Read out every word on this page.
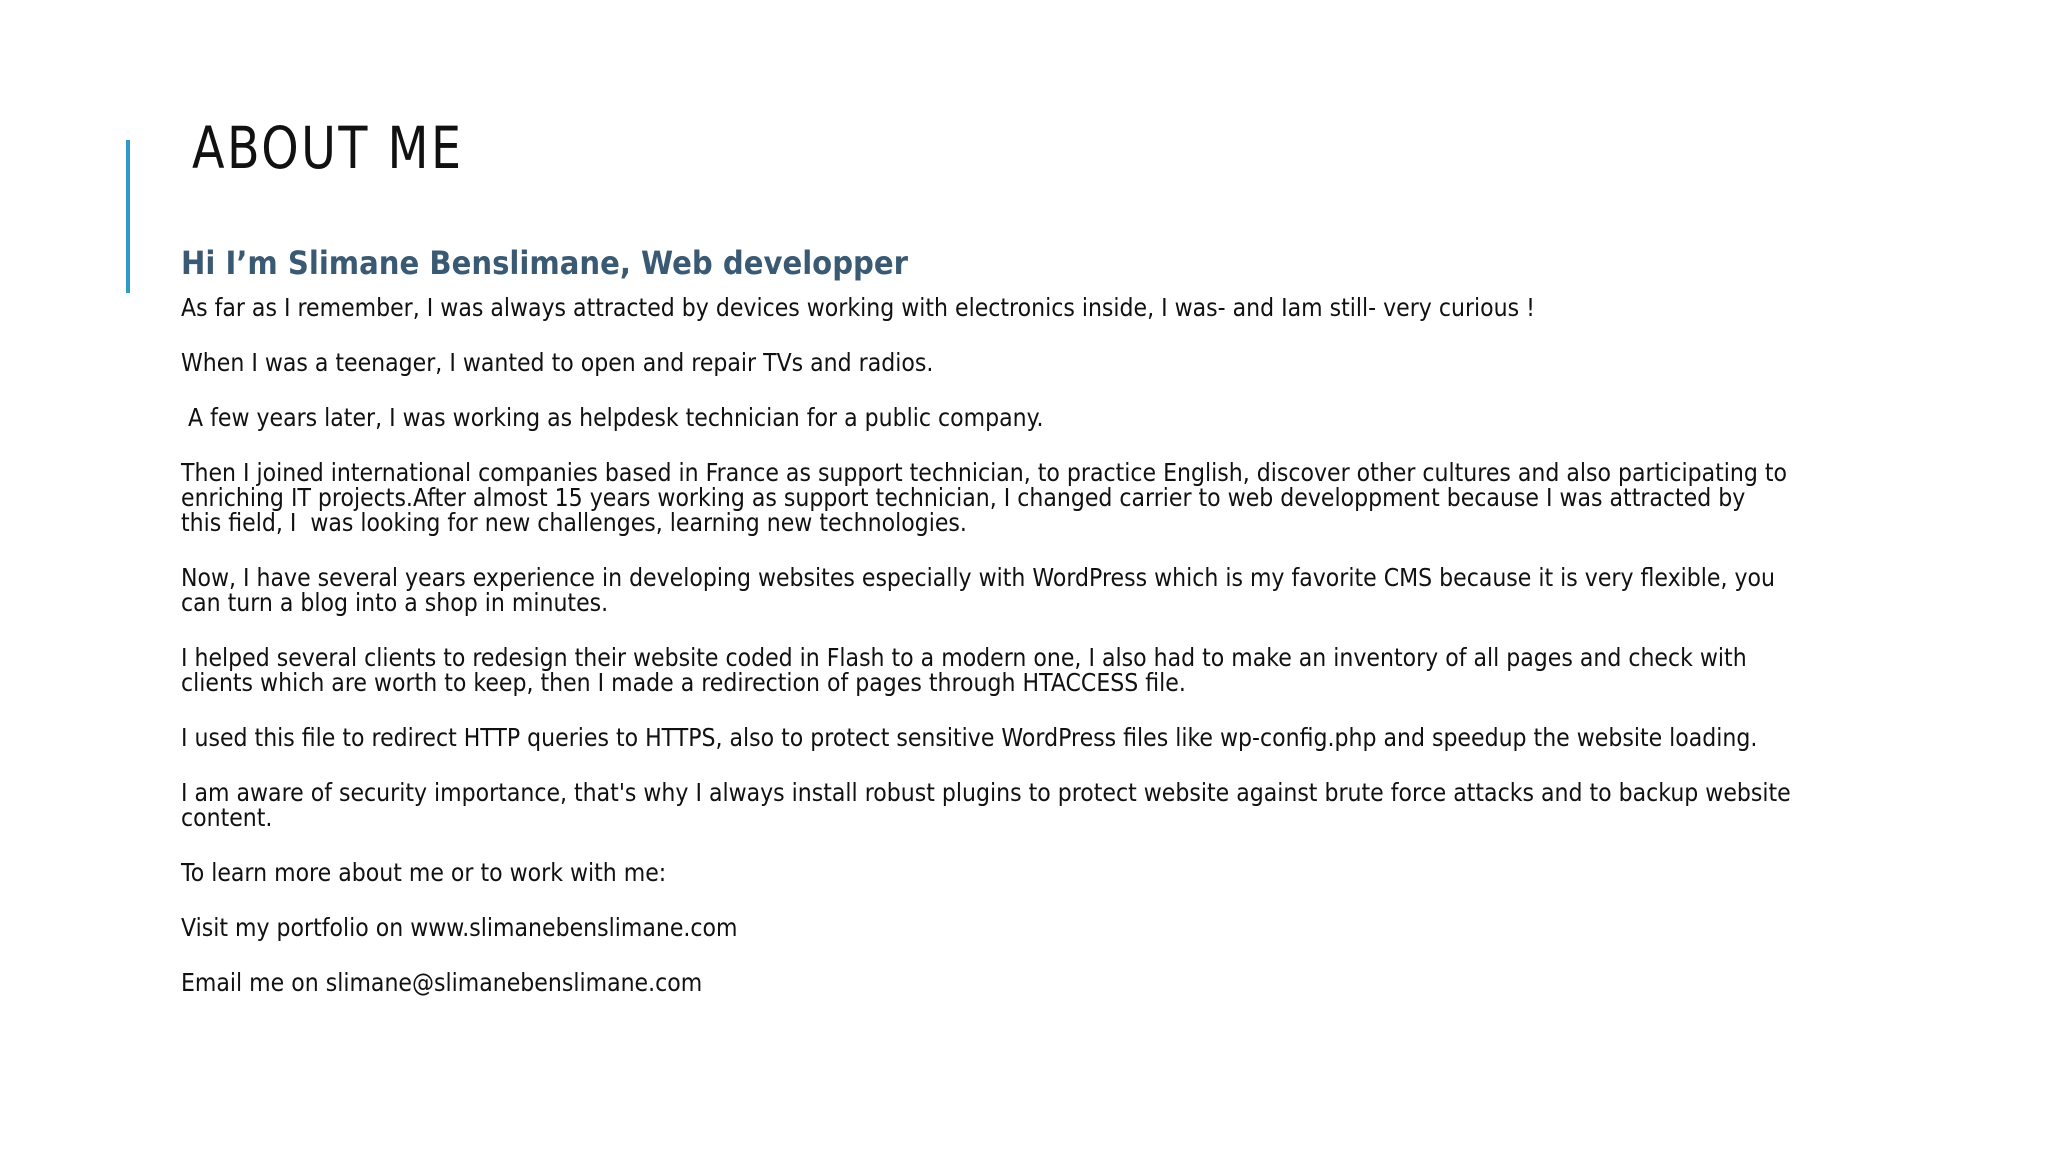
ABOUT ME
Hi I’m Slimane Benslimane, Web developper

As far as I remember, I was always attracted by devices working with electronics inside, I was- and Iam still- very curious !

When I was a teenager, I wanted to open and repair TVs and radios.

A few years later, I was working as helpdesk technician for a public company.

Then I joined international companies based in France as support technician, to practice English, discover other cultures and also participating to enriching IT projects.After almost 15 years working as support technician, I changed carrier to web developpment because I was attracted by this field, I  was looking for new challenges, learning new technologies.

Now, I have several years experience in developing websites especially with WordPress which is my favorite CMS because it is very flexible, you can turn a blog into a shop in minutes.

I helped several clients to redesign their website coded in Flash to a modern one, I also had to make an inventory of all pages and check with clients which are worth to keep, then I made a redirection of pages through HTACCESS file.

I used this file to redirect HTTP queries to HTTPS, also to protect sensitive WordPress files like wp-config.php and speedup the website loading.

I am aware of security importance, that's why I always install robust plugins to protect website against brute force attacks and to backup website content.

To learn more about me or to work with me:

Visit my portfolio on www.slimanebenslimane.com

Email me on slimane@slimanebenslimane.com
